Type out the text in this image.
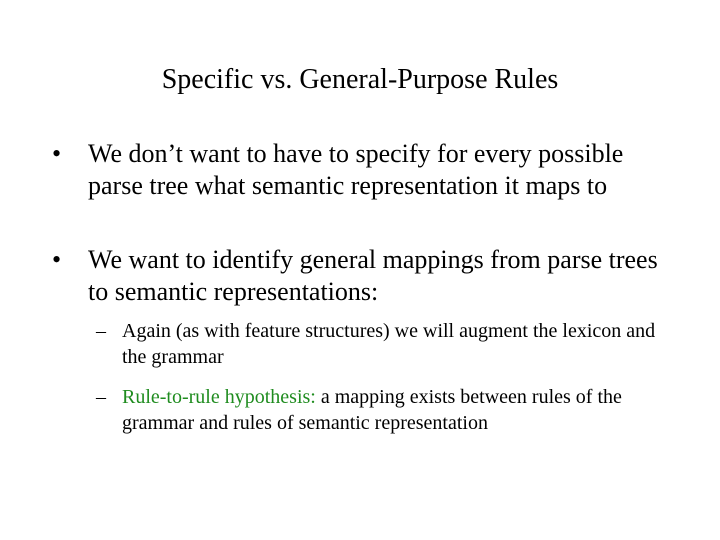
Specific vs. General-Purpose Rules
•	We don’t want to have to specify for every possible parse tree what semantic representation it maps to
•	We want to identify general mappings from parse trees to semantic representations:
– Again (as with feature structures) we will augment the lexicon and the grammar
– Rule-to-rule hypothesis: a mapping exists between rules of the grammar and rules of semantic representation
